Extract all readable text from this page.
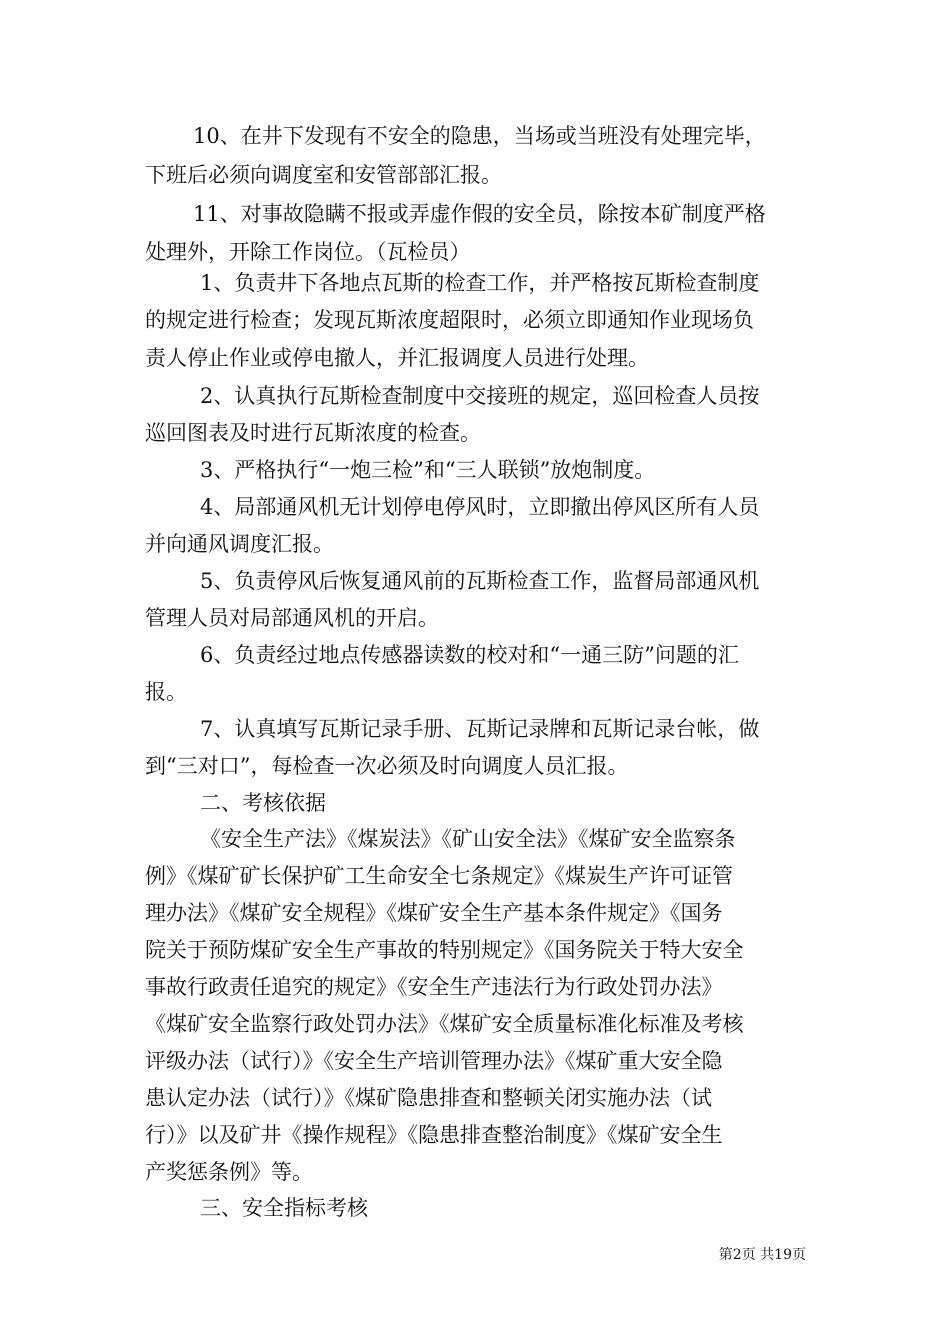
10、在井下发现有不安全的隐患，当场或当班没有处理完毕，
下班后必须向调度室和安管部部汇报。
11、对事故隐瞒不报或弄虚作假的安全员，除按本矿制度严格
处理外，开除工作岗位。（瓦检员）
1、负责井下各地点瓦斯的检查工作，并严格按瓦斯检查制度
的规定进行检查；发现瓦斯浓度超限时，必须立即通知作业现场负
责人停止作业或停电撤人，并汇报调度人员进行处理。
2、认真执行瓦斯检查制度中交接班的规定，巡回检查人员按
巡回图表及时进行瓦斯浓度的检查。
3、严格执行“一炮三检”和“三人联锁”放炮制度。
4、局部通风机无计划停电停风时，立即撤出停风区所有人员
并向通风调度汇报。
5、负责停风后恢复通风前的瓦斯检查工作，监督局部通风机
管理人员对局部通风机的开启。
6、负责经过地点传感器读数的校对和“一通三防”问题的汇
报。
7、认真填写瓦斯记录手册、瓦斯记录牌和瓦斯记录台帐，做
到“三对口”，每检查一次必须及时向调度人员汇报。
二、考核依据
《安全生产法》《煤炭法》《矿山安全法》《煤矿安全监察条
例》《煤矿矿长保护矿工生命安全七条规定》《煤炭生产许可证管
理办法》《煤矿安全规程》《煤矿安全生产基本条件规定》《国务
院关于预防煤矿安全生产事故的特别规定》《国务院关于特大安全
事故行政责任追究的规定》《安全生产违法行为行政处罚办法》
《煤矿安全监察行政处罚办法》《煤矿安全质量标准化标准及考核
评级办法（试行）》《安全生产培训管理办法》《煤矿重大安全隐
患认定办法（试行）》《煤矿隐患排查和整顿关闭实施办法（试
行）》以及矿井《操作规程》《隐患排查整治制度》《煤矿安全生
产奖惩条例》等。
三、安全指标考核
第2页 共19页
